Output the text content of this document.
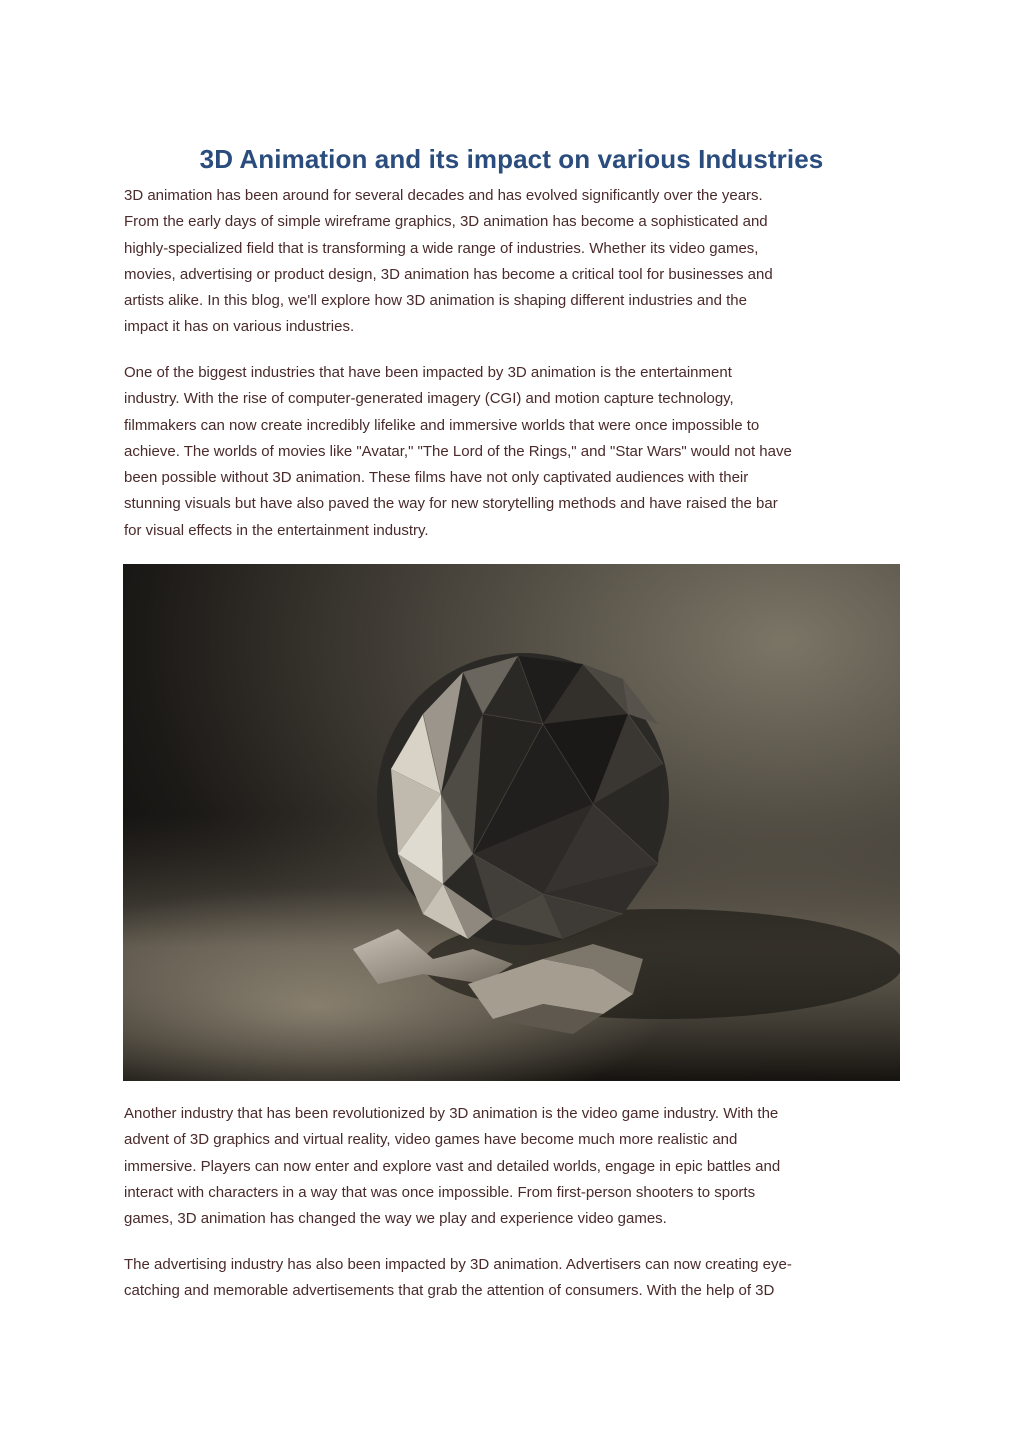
3D Animation and its impact on various Industries

3D animation has been around for several decades and has evolved significantly over the years.
From the early days of simple wireframe graphics, 3D animation has become a sophisticated and
highly-specialized field that is transforming a wide range of industries. Whether its video games,
movies, advertising or product design, 3D animation has become a critical tool for businesses and
artists alike. In this blog, we'll explore how 3D animation is shaping different industries and the
impact it has on various industries.

One of the biggest industries that have been impacted by 3D animation is the entertainment
industry. With the rise of computer-generated imagery (CGI) and motion capture technology,
filmmakers can now create incredibly lifelike and immersive worlds that were once impossible to
achieve. The worlds of movies like "Avatar," "The Lord of the Rings," and "Star Wars" would not have
been possible without 3D animation. These films have not only captivated audiences with their
stunning visuals but have also paved the way for new storytelling methods and have raised the bar
for visual effects in the entertainment industry.

Another industry that has been revolutionized by 3D animation is the video game industry. With the
advent of 3D graphics and virtual reality, video games have become much more realistic and
immersive. Players can now enter and explore vast and detailed worlds, engage in epic battles and
interact with characters in a way that was once impossible. From first-person shooters to sports
games, 3D animation has changed the way we play and experience video games.

The advertising industry has also been impacted by 3D animation. Advertisers can now creating eye-
catching and memorable advertisements that grab the attention of consumers. With the help of 3D
